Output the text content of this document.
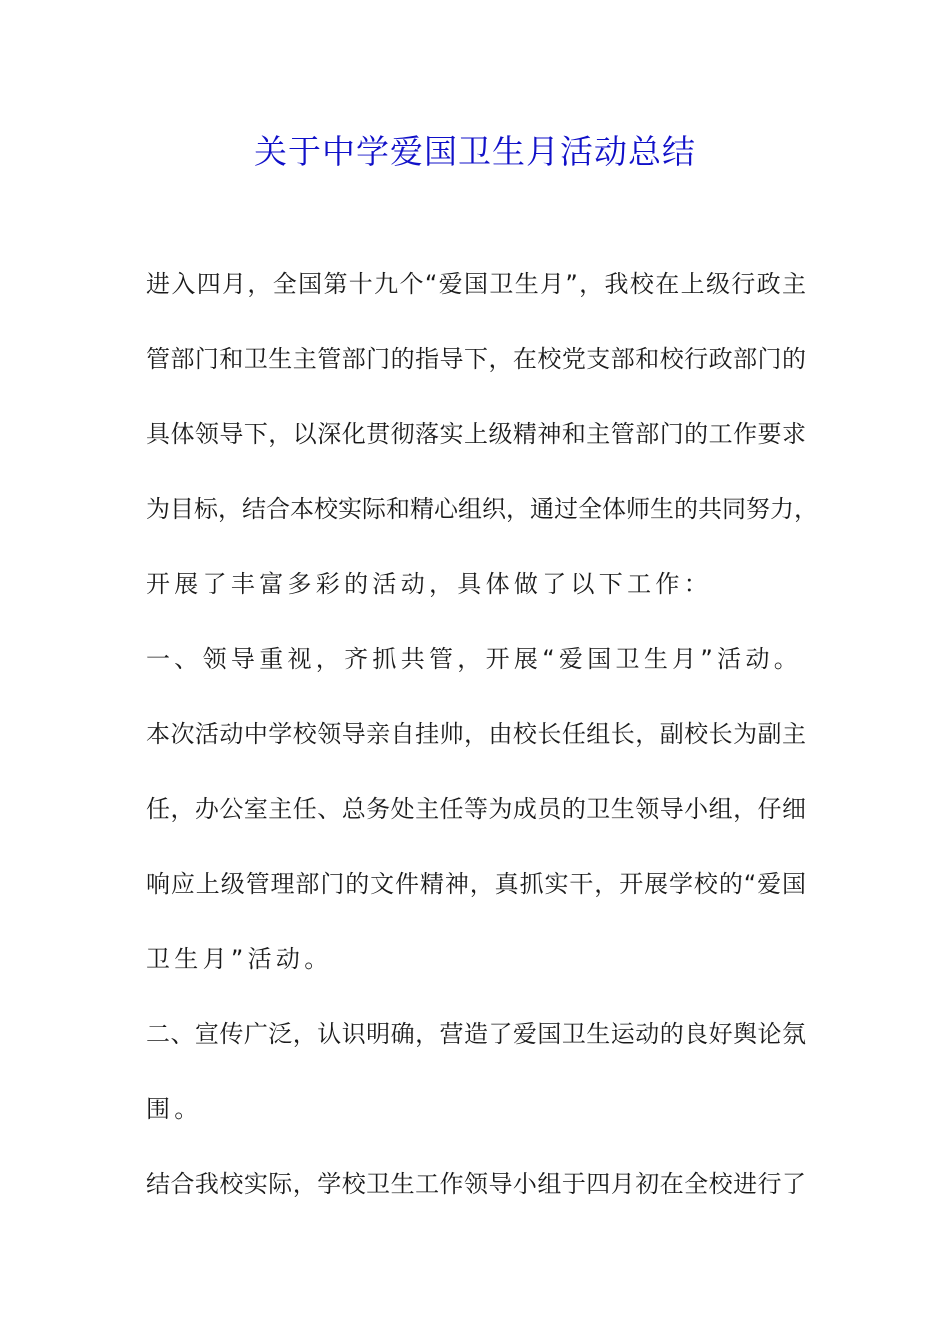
关于中学爱国卫生月活动总结
进入四月，全国第十九个“爱国卫生月”，我校在上级行政主
管部门和卫生主管部门的指导下，在校党支部和校行政部门的
具体领导下，以深化贯彻落实上级精神和主管部门的工作要求
为目标，结合本校实际和精心组织，通过全体师生的共同努力，
开展了丰富多彩的活动，具体做了以下工作：
一、领导重视，齐抓共管，开展“爱国卫生月”活动。
本次活动中学校领导亲自挂帅，由校长任组长，副校长为副主
任，办公室主任、总务处主任等为成员的卫生领导小组，仔细
响应上级管理部门的文件精神，真抓实干，开展学校的“爱国
卫生月”活动。
二、宣传广泛，认识明确，营造了爱国卫生运动的良好舆论氛
围。
结合我校实际，学校卫生工作领导小组于四月初在全校进行了
